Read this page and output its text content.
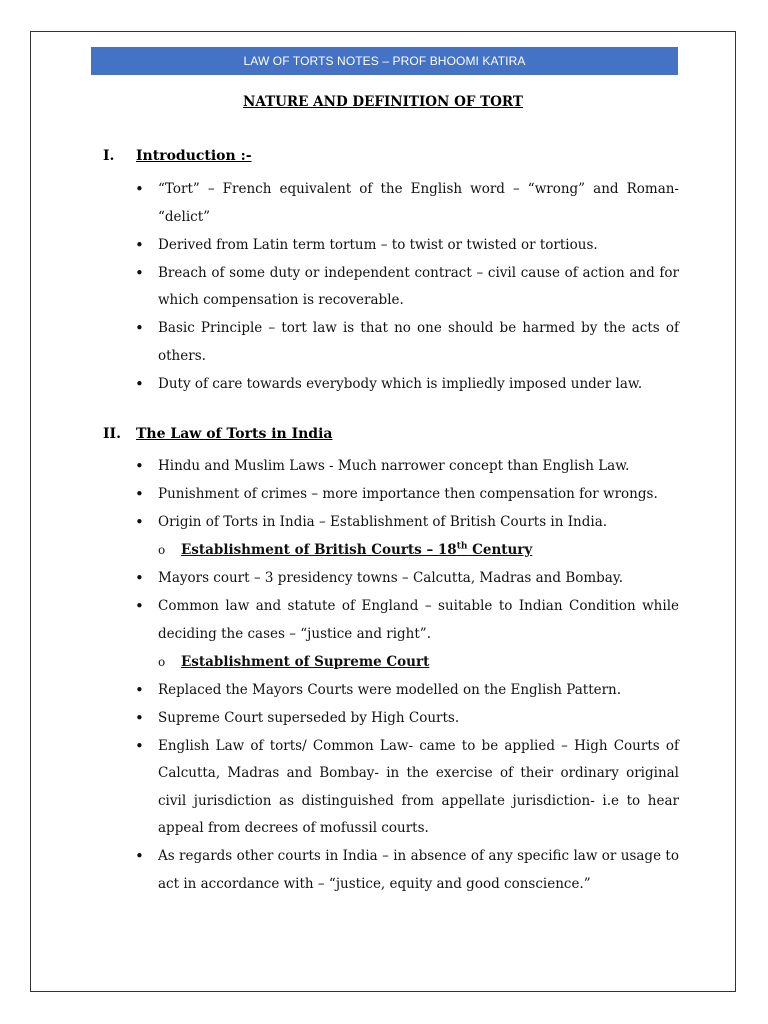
LAW OF TORTS NOTES – PROF BHOOMI KATIRA
NATURE AND DEFINITION OF TORT
I. Introduction :-
• “Tort” – French equivalent of the English word – “wrong” and Roman- “delict”
• Derived from Latin term tortum – to twist or twisted or tortious.
• Breach of some duty or independent contract – civil cause of action and for which compensation is recoverable.
• Basic Principle – tort law is that no one should be harmed by the acts of others.
• Duty of care towards everybody which is impliedly imposed under law.
II. The Law of Torts in India
• Hindu and Muslim Laws - Much narrower concept than English Law.
• Punishment of crimes – more importance then compensation for wrongs.
• Origin of Torts in India – Establishment of British Courts in India.
o Establishment of British Courts – 18th Century
• Mayors court – 3 presidency towns – Calcutta, Madras and Bombay.
• Common law and statute of England – suitable to Indian Condition while deciding the cases – “justice and right”.
o Establishment of Supreme Court
• Replaced the Mayors Courts were modelled on the English Pattern.
• Supreme Court superseded by High Courts.
• English Law of torts/ Common Law- came to be applied – High Courts of Calcutta, Madras and Bombay- in the exercise of their ordinary original civil jurisdiction as distinguished from appellate jurisdiction- i.e to hear appeal from decrees of mofussil courts.
• As regards other courts in India – in absence of any specific law or usage to act in accordance with – “justice, equity and good conscience.”
